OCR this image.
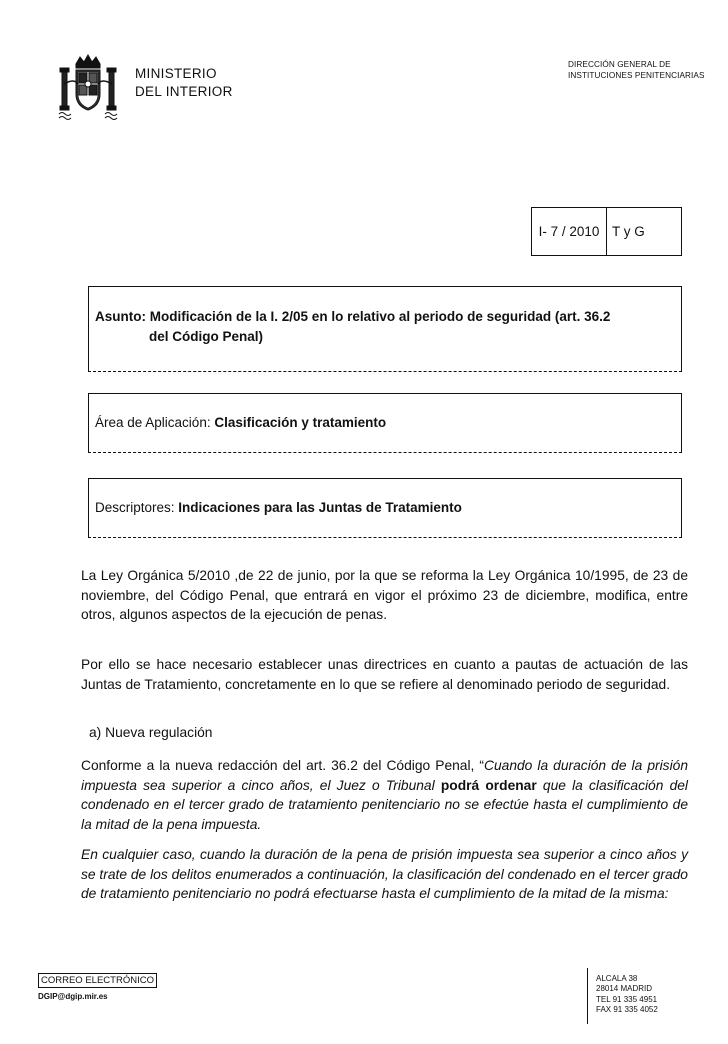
MINISTERIO
DEL INTERIOR
DIRECCIÓN GENERAL DE
INSTITUCIONES PENITENCIARIAS
I- 7 / 2010 T y G
Asunto: Modificación de la I. 2/05 en lo relativo al periodo de seguridad (art. 36.2
del Código Penal)
Área de Aplicación: Clasificación y tratamiento
Descriptores: Indicaciones para las Juntas de Tratamiento
La Ley Orgánica 5/2010 ,de 22 de junio, por la que se reforma la Ley Orgánica 10/1995, de 23 de noviembre, del Código Penal, que entrará en vigor el próximo 23 de diciembre, modifica, entre otros, algunos aspectos de la ejecución de penas.
Por ello se hace necesario establecer unas directrices en cuanto a pautas de actuación de las Juntas de Tratamiento, concretamente en lo que se refiere al denominado periodo de seguridad.
a) Nueva regulación
Conforme a la nueva redacción del art. 36.2 del Código Penal, “Cuando la duración de la prisión impuesta sea superior a cinco años, el Juez o Tribunal podrá ordenar que la clasificación del condenado en el tercer grado de tratamiento penitenciario no se efectúe hasta el cumplimiento de la mitad de la pena impuesta.
En cualquier caso, cuando la duración de la pena de prisión impuesta sea superior a cinco años y se trate de los delitos enumerados a continuación, la clasificación del condenado en el tercer grado de tratamiento penitenciario no podrá efectuarse hasta el cumplimiento de la mitad de la misma:
CORREO ELECTRÓNICO
DGIP@dgip.mir.es
ALCALA 38
28014 MADRID
TEL 91 335 4951
FAX 91 335 4052
